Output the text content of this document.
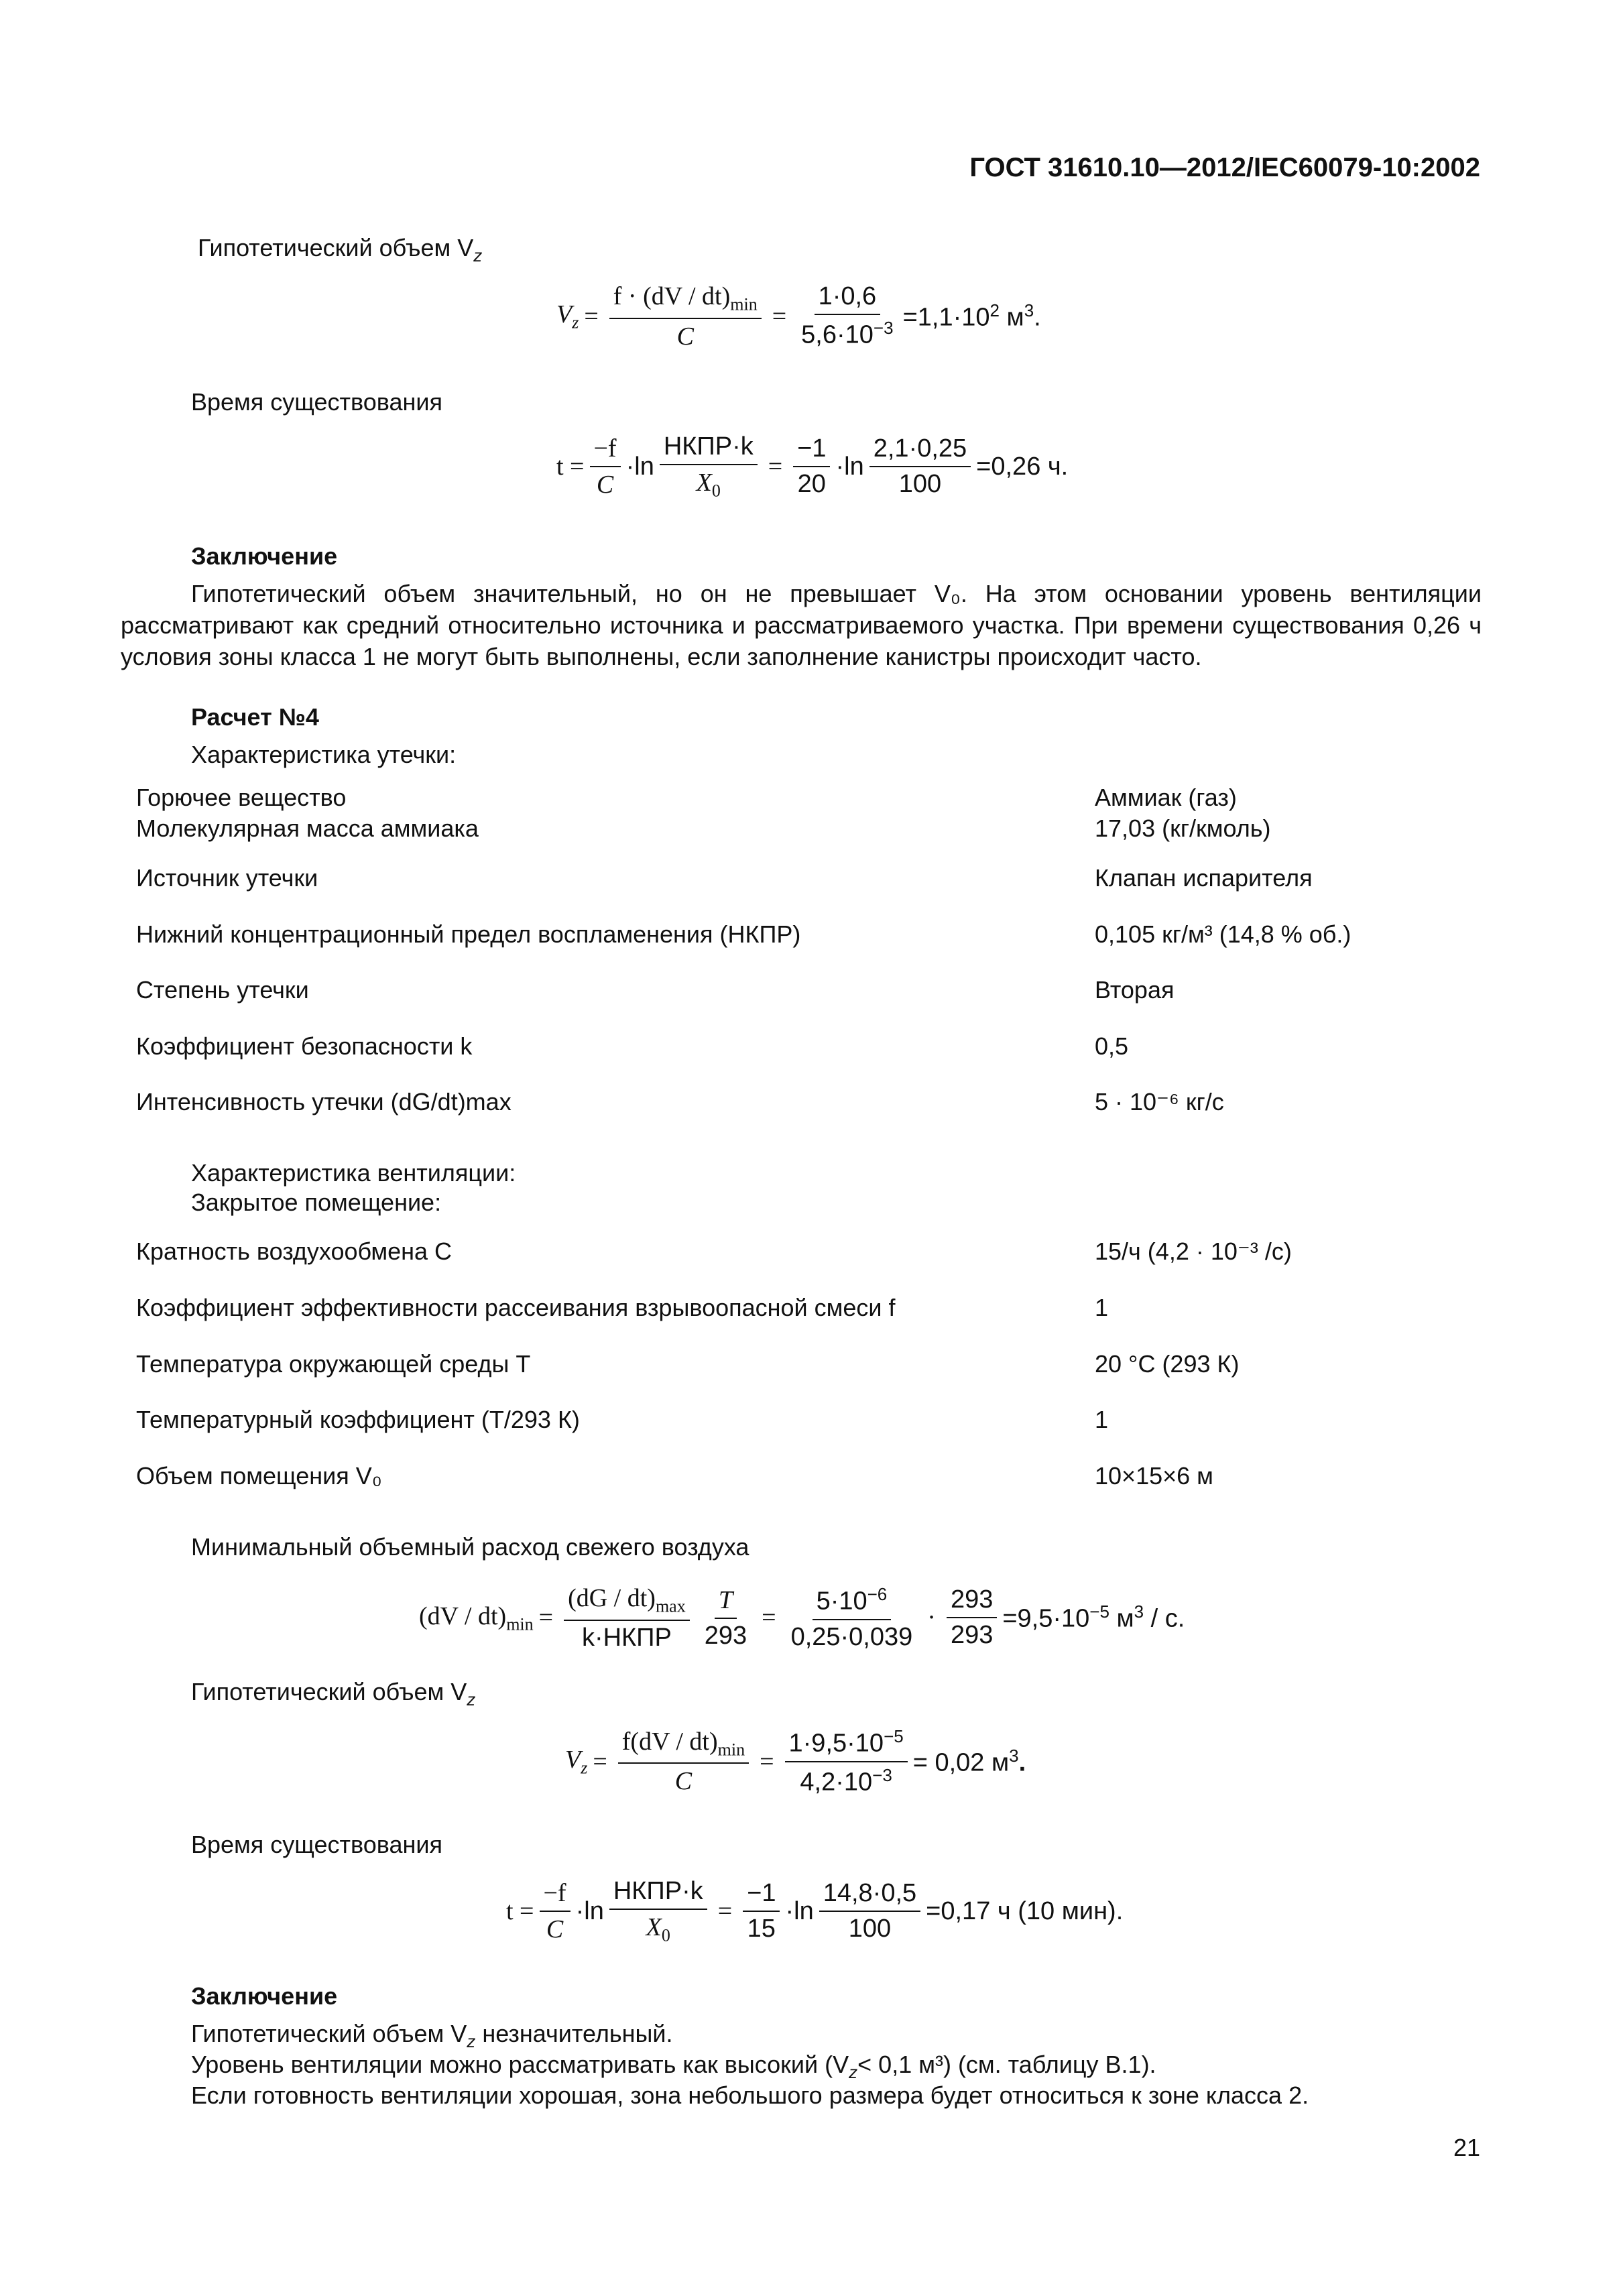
ГОСТ 31610.10—2012/IEC60079-10:2002
Гипотетический объем $V_z$
$V_z = \frac{f \cdot (dV / dt)_{min}}{C} = \frac{1\cdot 0,6}{5,6\cdot 10^{-3}} =1,1\cdot 10^2$ $м^3$.
Время существования
$t = \frac{-f}{C} \cdot\ln \frac{\text{НКПР·k}}{X_0} = \frac{-1}{20} \cdot\ln \frac{2,1\cdot 0,25}{100} =0,26$ ч.
Заключение
Гипотетический объем значительный, но он не превышает V₀. На этом основании уровень вентиляции рассматривают как средний относительно источника и рассматриваемого участка. При времени существования 0,26 ч условия зоны класса 1 не могут быть выполнены, если заполнение канистры происходит часто.
Расчет №4
Характеристика утечки:
Горючее вещество	Аммиак (газ)
Молекулярная масса аммиака	17,03 (кг/кмоль)
Источник утечки	Клапан испарителя
Нижний концентрационный предел воспламенения (НКПР)	0,105 кг/м³ (14,8 % об.)
Степень утечки	Вторая
Коэффициент безопасности k	0,5
Интенсивность утечки (dG/dt)max	5 · 10⁻⁶ кг/с
Характеристика вентиляции:
Закрытое помещение:
Кратность воздухообмена C	15/ч (4,2 · 10⁻³ /с)
Коэффициент эффективности рассеивания взрывоопасной смеси f	1
Температура окружающей среды T	20 °C (293 К)
Температурный коэффициент (T/293 К)	1
Объем помещения V₀	10×15×6 м
Минимальный объемный расход свежего воздуха
$(dV / dt)_{min} = \frac{(dG / dt)_{max}}{\text{k·НКПР}} \frac{T}{293} = \frac{5\cdot 10^{-6}}{0,25\cdot 0,039} \cdot \frac{293}{293} =9,5\cdot 10^{-5}$ $м^3$ / с.
Гипотетический объем $V_z$
$V_z = \frac{f(dV / dt)_{min}}{C} = \frac{1\cdot 9,5\cdot 10^{-5}}{4,2\cdot 10^{-3}} = 0,02$ $м^3$.
Время существования
$t = \frac{-f}{C} \cdot\ln \frac{\text{НКПР·k}}{X_0} = \frac{-1}{15} \cdot\ln \frac{14,8\cdot 0,5}{100} =0,17$ ч (10 мин).
Заключение
Гипотетический объем $V_z$ незначительный.
Уровень вентиляции можно рассматривать как высокий ($V_z< 0,1$ м³) (см. таблицу В.1).
Если готовность вентиляции хорошая, зона небольшого размера будет относиться к зоне класса 2.
21
